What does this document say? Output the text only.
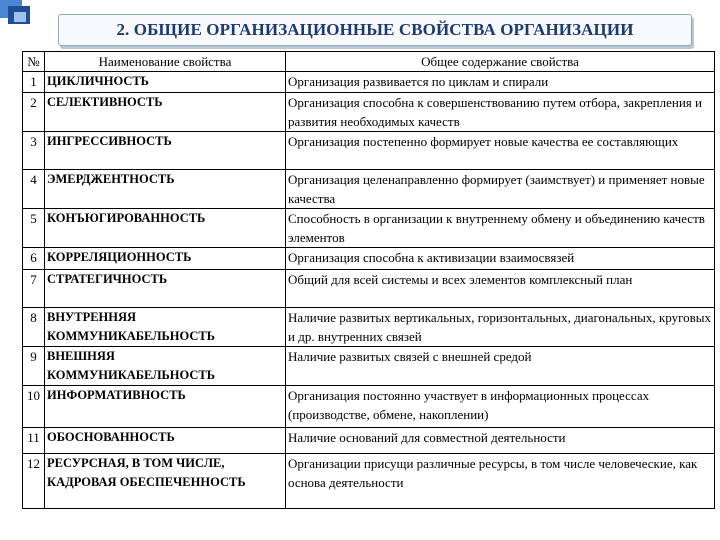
2. ОБЩИЕ ОРГАНИЗАЦИОННЫЕ СВОЙСТВА ОРГАНИЗАЦИИ
№	Наименование свойства	Общее содержание свойства
1	ЦИКЛИЧНОСТЬ	Организация развивается по циклам и спирали
2	СЕЛЕКТИВНОСТЬ	Организация способна к совершенствованию путем отбора, закрепления и развития необходимых качеств
3	ИНГРЕССИВНОСТЬ	Организация постепенно формирует новые качества ее составляющих
4	ЭМЕРДЖЕНТНОСТЬ	Организация целенаправленно формирует (заимствует) и применяет новые качества
5	КОНЪЮГИРОВАННОСТЬ	Способность в организации к внутреннему обмену и объединению качеств элементов
6	КОРРЕЛЯЦИОННОСТЬ	Организация способна к активизации взаимосвязей
7	СТРАТЕГИЧНОСТЬ	Общий для всей системы и всех элементов комплексный план
8	ВНУТРЕННЯЯ КОММУНИКАБЕЛЬНОСТЬ	Наличие развитых вертикальных, горизонтальных, диагональных, круговых и др. внутренних связей
9	ВНЕШНЯЯ КОММУНИКАБЕЛЬНОСТЬ	Наличие развитых связей с внешней средой
10	ИНФОРМАТИВНОСТЬ	Организация постоянно участвует в информационных процессах (производстве, обмене, накоплении)
11	ОБОСНОВАННОСТЬ	Наличие оснований для совместной деятельности
12	РЕСУРСНАЯ, В ТОМ ЧИСЛЕ, КАДРОВАЯ ОБЕСПЕЧЕННОСТЬ	Организации присущи различные ресурсы, в том числе человеческие, как основа деятельности
